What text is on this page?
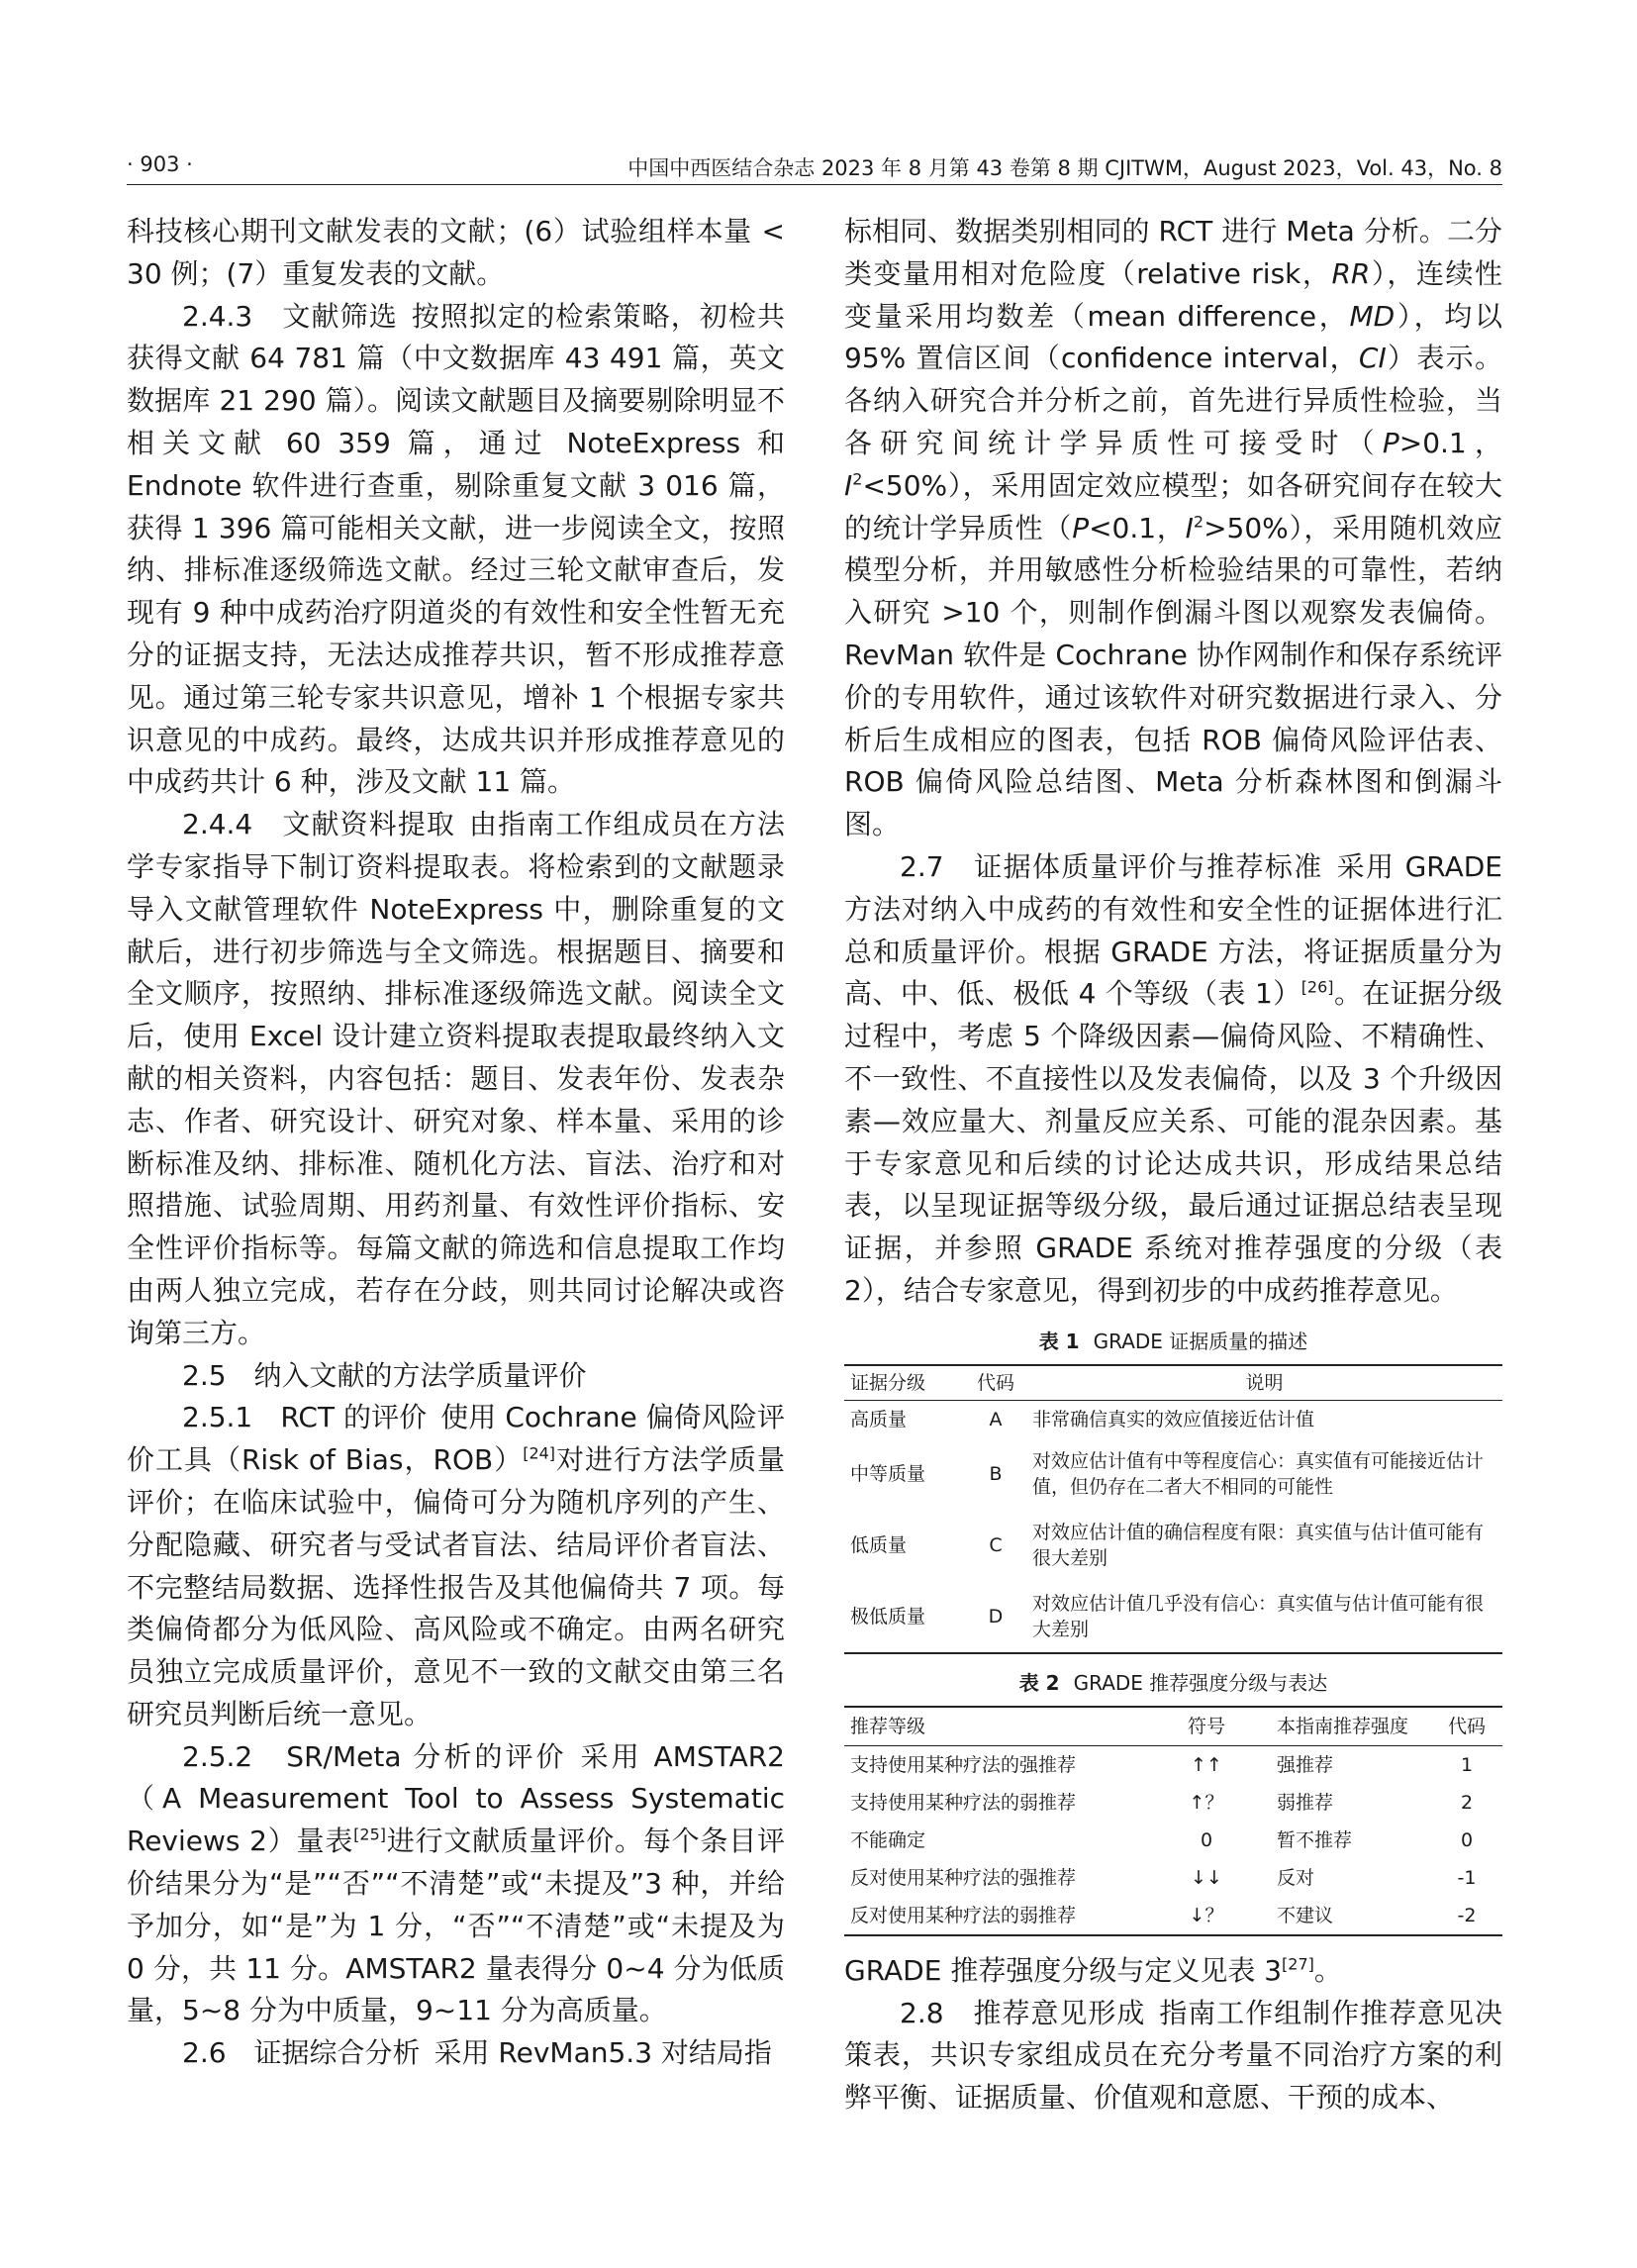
· 903 ·	中国中西医结合杂志 2023 年 8 月第 43 卷第 8 期 CJITWM，August 2023，Vol. 43，No. 8

科技核心期刊文献发表的文献；(6）试验组样本量 < 30 例；(7）重复发表的文献。

2.4.3　文献筛选 按照拟定的检索策略，初检共获得文献 64 781 篇（中文数据库 43 491 篇，英文数据库 21 290 篇）。阅读文献题目及摘要剔除明显不相关文献 60 359 篇，通过 NoteExpress 和 Endnote 软件进行查重，剔除重复文献 3 016 篇，获得 1 396 篇可能相关文献，进一步阅读全文，按照纳、排标准逐级筛选文献。经过三轮文献审查后，发现有 9 种中成药治疗阴道炎的有效性和安全性暂无充分的证据支持，无法达成推荐共识，暂不形成推荐意见。通过第三轮专家共识意见，增补 1 个根据专家共识意见的中成药。最终，达成共识并形成推荐意见的中成药共计 6 种，涉及文献 11 篇。

2.4.4　文献资料提取 由指南工作组成员在方法学专家指导下制订资料提取表。将检索到的文献题录导入文献管理软件 NoteExpress 中，删除重复的文献后，进行初步筛选与全文筛选。根据题目、摘要和全文顺序，按照纳、排标准逐级筛选文献。阅读全文后，使用 Excel 设计建立资料提取表提取最终纳入文献的相关资料，内容包括：题目、发表年份、发表杂志、作者、研究设计、研究对象、样本量、采用的诊断标准及纳、排标准、随机化方法、盲法、治疗和对照措施、试验周期、用药剂量、有效性评价指标、安全性评价指标等。每篇文献的筛选和信息提取工作均由两人独立完成，若存在分歧，则共同讨论解决或咨询第三方。

2.5　纳入文献的方法学质量评价

2.5.1　RCT 的评价 使用 Cochrane 偏倚风险评价工具（Risk of Bias，ROB）[24]对进行方法学质量评价；在临床试验中，偏倚可分为随机序列的产生、分配隐藏、研究者与受试者盲法、结局评价者盲法、不完整结局数据、选择性报告及其他偏倚共 7 项。每类偏倚都分为低风险、高风险或不确定。由两名研究员独立完成质量评价，意见不一致的文献交由第三名研究员判断后统一意见。

2.5.2　SR/Meta 分析的评价 采用 AMSTAR2（A Measurement Tool to Assess Systematic Reviews 2）量表[25]进行文献质量评价。每个条目评价结果分为“是”“否”“不清楚”或“未提及”3 种，并给予加分，如“是”为 1 分，“否”“不清楚”或“未提及为 0 分，共 11 分。AMSTAR2 量表得分 0~4 分为低质量，5~8 分为中质量，9~11 分为高质量。

2.6　证据综合分析 采用 RevMan5.3 对结局指

标相同、数据类别相同的 RCT 进行 Meta 分析。二分类变量用相对危险度（relative risk，RR），连续性变量采用均数差（mean difference，MD），均以 95% 置信区间（confidence interval，CI）表示。各纳入研究合并分析之前，首先进行异质性检验，当各研究间统计学异质性可接受时（P>0.1，$I^2<50\%$），采用固定效应模型；如各研究间存在较大的统计学异质性（P<0.1，$I^2>50\%$），采用随机效应模型分析，并用敏感性分析检验结果的可靠性，若纳入研究 >10 个，则制作倒漏斗图以观察发表偏倚。RevMan 软件是 Cochrane 协作网制作和保存系统评价的专用软件，通过该软件对研究数据进行录入、分析后生成相应的图表，包括 ROB 偏倚风险评估表、ROB 偏倚风险总结图、Meta 分析森林图和倒漏斗图。

2.7　证据体质量评价与推荐标准 采用 GRADE 方法对纳入中成药的有效性和安全性的证据体进行汇总和质量评价。根据 GRADE 方法，将证据质量分为高、中、低、极低 4 个等级（表 1）[26]。在证据分级过程中，考虑 5 个降级因素—偏倚风险、不精确性、不一致性、不直接性以及发表偏倚，以及 3 个升级因素—效应量大、剂量反应关系、可能的混杂因素。基于专家意见和后续的讨论达成共识，形成结果总结表，以呈现证据等级分级，最后通过证据总结表呈现证据，并参照 GRADE 系统对推荐强度的分级（表 2），结合专家意见，得到初步的中成药推荐意见。

表 1 GRADE 证据质量的描述
证据分级	代码	说明
高质量	A	非常确信真实的效应值接近估计值
中等质量	B	对效应估计值有中等程度信心：真实值有可能接近估计值，但仍存在二者大不相同的可能性
低质量	C	对效应估计值的确信程度有限：真实值与估计值可能有很大差别
极低质量	D	对效应估计值几乎没有信心：真实值与估计值可能有很大差别
表 2 GRADE 推荐强度分级与表达
推荐等级	符号	本指南推荐强度	代码
支持使用某种疗法的强推荐	↑↑	强推荐	1
支持使用某种疗法的弱推荐	↑？	弱推荐	2
不能确定	0	暂不推荐	0
反对使用某种疗法的强推荐	↓↓	反对	-1
反对使用某种疗法的弱推荐	↓？	不建议	-2

GRADE 推荐强度分级与定义见表 3[27]。

2.8　推荐意见形成 指南工作组制作推荐意见决策表，共识专家组成员在充分考量不同治疗方案的利弊平衡、证据质量、价值观和意愿、干预的成本、
